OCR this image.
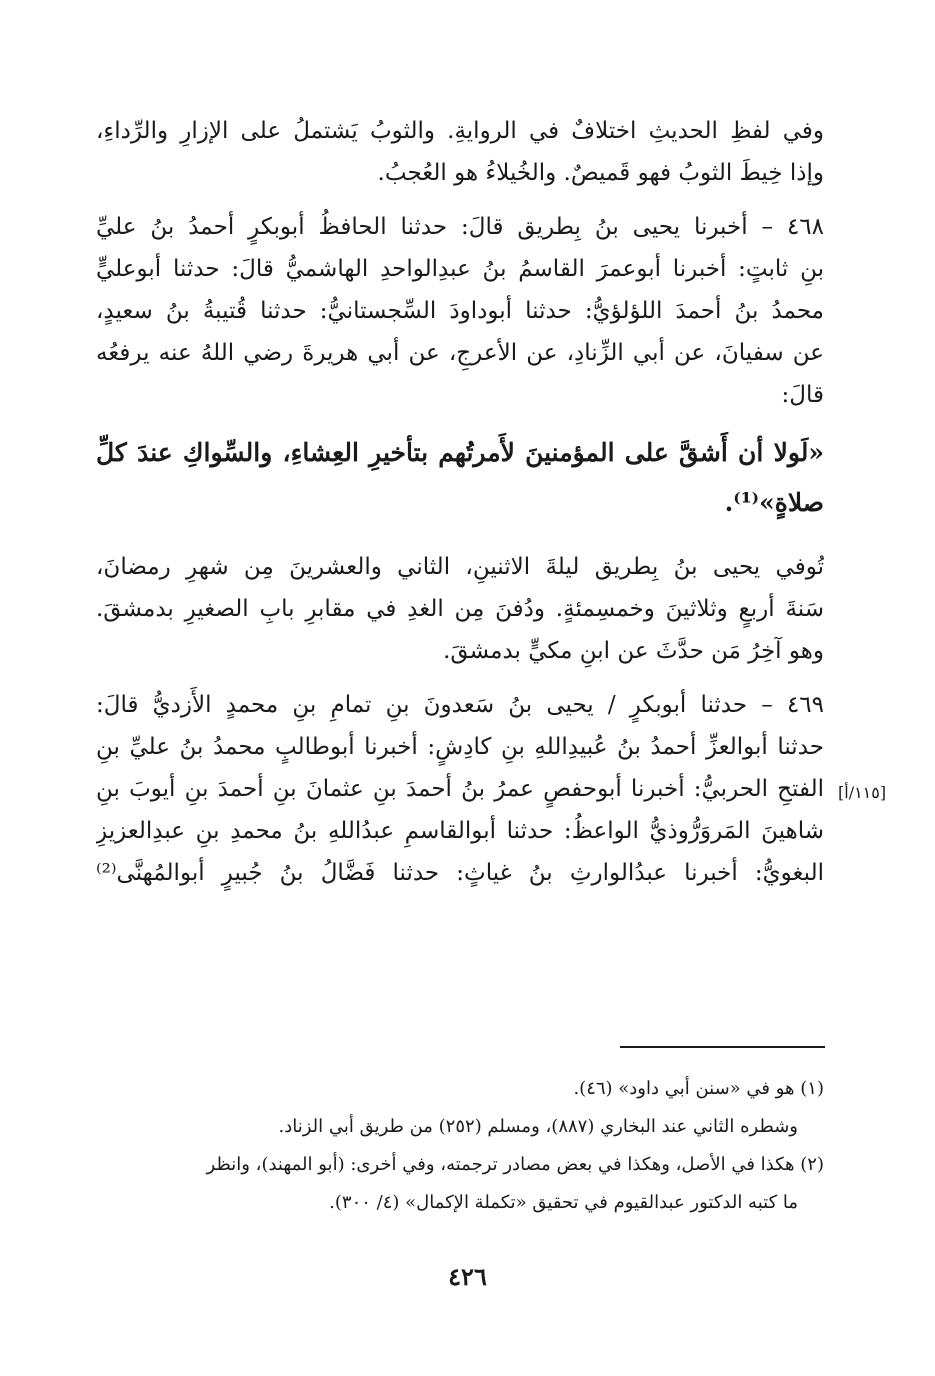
وفي لفظِ الحديثِ اختلافٌ في الروايةِ. والثوبُ يَشتملُ على الإزارِ والرِّداءِ،
وإذا خِيطَ الثوبُ فهو قَميصٌ. والخُيلاءُ هو العُجبُ.
٤٦٨ – أخبرنا يحيى بنُ بِطريق قالَ: حدثنا الحافظُ أبوبكرٍ أحمدُ بنُ عليِّ
بنِ ثابتٍ: أخبرنا أبوعمرَ القاسمُ بنُ عبدِالواحدِ الهاشميُّ قالَ: حدثنا أبوعليٍّ
محمدُ بنُ أحمدَ اللؤلؤيُّ: حدثنا أبوداودَ السِّجستانيُّ: حدثنا قُتيبةُ بنُ سعيدٍ،
عن سفيانَ، عن أبي الزِّنادِ، عن الأعرجِ، عن أبي هريرةَ رضي اللهُ عنه يرفعُه
قالَ:
«لَولا أن أَشقَّ على المؤمنينَ لأَمرتُهم بتأخيرِ العِشاءِ، والسِّواكِ عندَ كلِّ
صلاةٍ»⁽¹⁾.
تُوفي يحيى بنُ بِطريق ليلةَ الاثنينِ، الثاني والعشرينَ مِن شهرِ رمضانَ،
سَنةَ أربعٍ وثلاثينَ وخمسِمئةٍ. ودُفنَ مِن الغدِ في مقابرِ بابِ الصغيرِ بدمشقَ.
وهو آخِرُ مَن حدَّثَ عن ابنِ مكيٍّ بدمشقَ.
٤٦٩ – حدثنا أبوبكرٍ / يحيى بنُ سَعدونَ بنِ تمامِ بنِ محمدٍ الأَزديُّ قالَ:
حدثنا أبوالعزِّ أحمدُ بنُ عُبيدِاللهِ بنِ كادِشٍ: أخبرنا أبوطالبٍ محمدُ بنُ عليِّ بنِ
الفتحِ الحربيُّ: أخبرنا أبوحفصٍ عمرُ بنُ أحمدَ بنِ عثمانَ بنِ أحمدَ بنِ أيوبَ بنِ
شاهينَ المَروَرُّوذيُّ الواعظُ: حدثنا أبوالقاسمِ عبدُاللهِ بنُ محمدِ بنِ عبدِالعزيزِ
البغويُّ: أخبرنا عبدُالوارثِ بنُ غياثٍ: حدثنا فَضَّالُ بنُ جُبيرٍ أبوالمُهنَّى⁽²⁾
[١١٥/أ]
(١) هو في «سنن أبي داود» (٤٦).
وشطره الثاني عند البخاري (٨٨٧)، ومسلم (٢٥٢) من طريق أبي الزناد.
(٢) هكذا في الأصل، وهكذا في بعض مصادر ترجمته، وفي أخرى: (أبو المهند)، وانظر
ما كتبه الدكتور عبدالقيوم في تحقيق «تكملة الإكمال» (٤/ ٣٠٠).
٤٢٦
